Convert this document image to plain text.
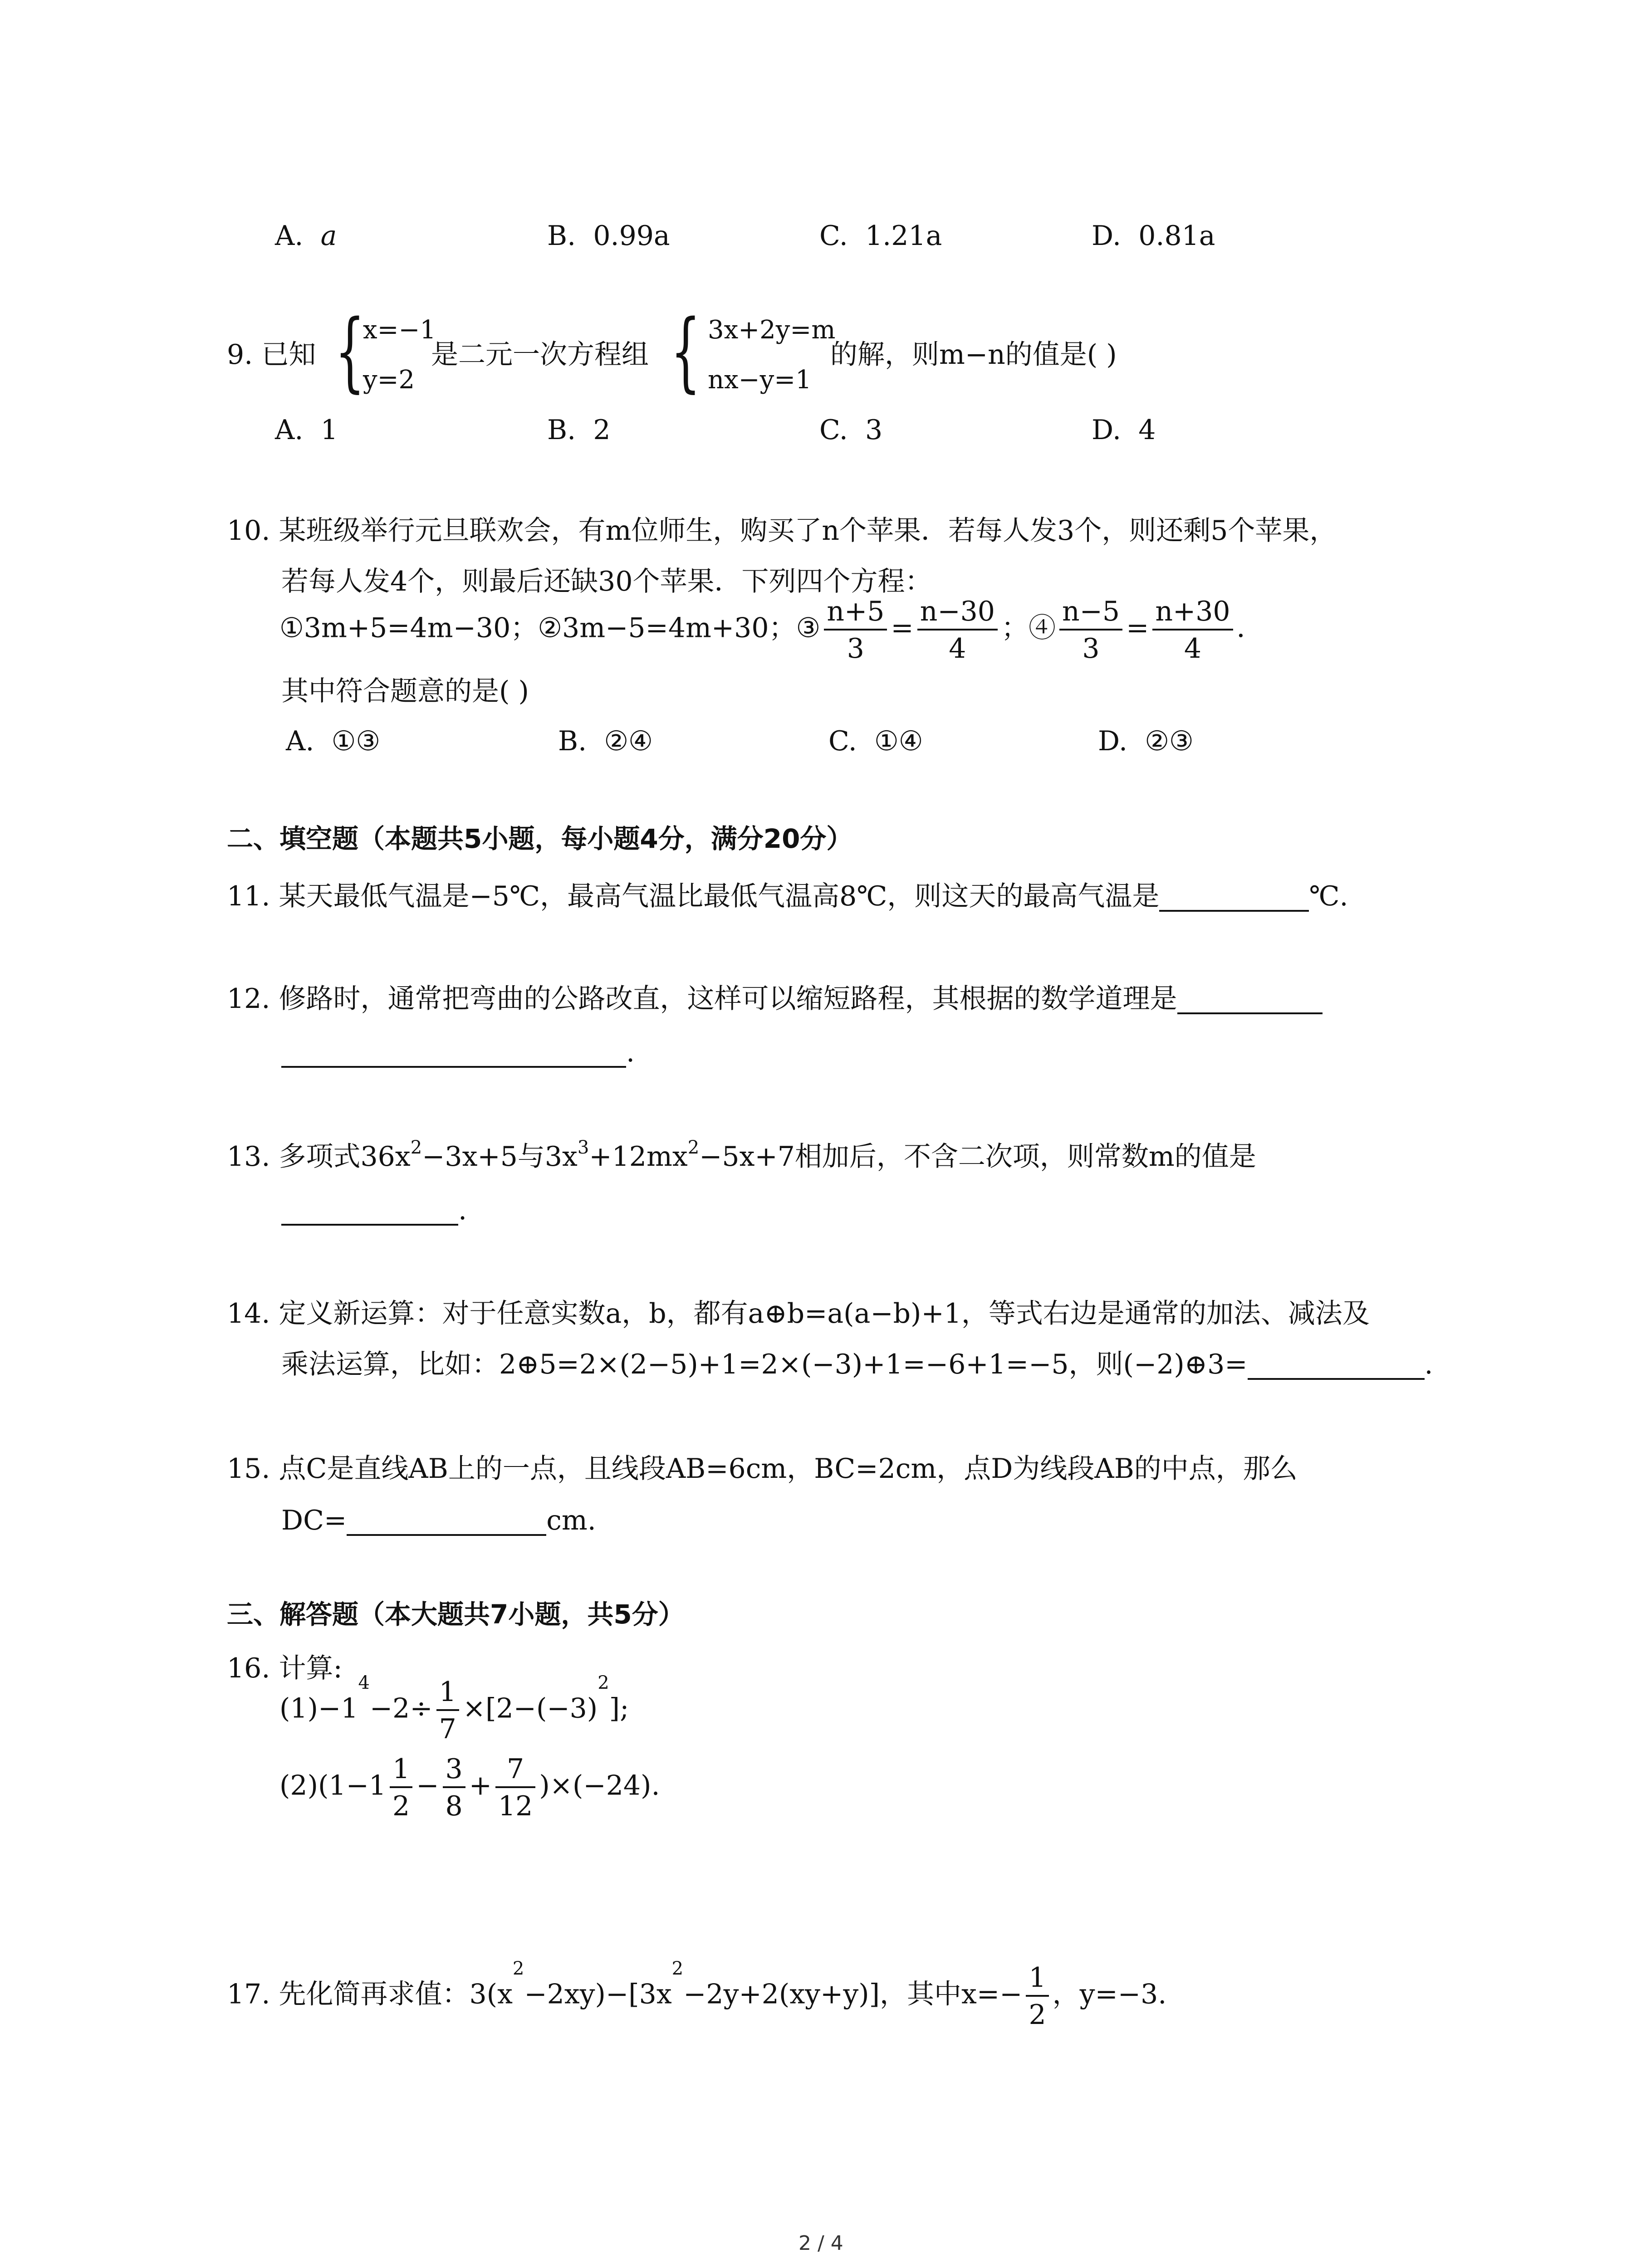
A. a	B. 0.99a	C. 1.21a	D. 0.81a
9. 已知 {
x=−1
y=2
是二元一次方程组 { 3x+2y=m
nx−y=1
的解，则m−n的值是( )
A. 1	B. 2	C. 3	D. 4
10. 某班级举行元旦联欢会，有m位师生，购买了n个苹果．若每人发3个，则还剩5个苹果，
若每人发4个，则最后还缺30个苹果．下列四个方程：
①3m+5=4m−30；②3m−5=4m+30；③ $\frac{n+5}{3} = \frac{n-30}{4}$ ；④ $\frac{n-5}{3} = \frac{n+30}{4}$ ．
其中符合题意的是( )
A. ①③	B. ②④	C. ①④	D. ②③
二、填空题（本题共5小题，每小题4分，满分20分）
11. 某天最低气温是−5℃，最高气温比最低气温高8℃，则这天的最高气温是	℃.
12. 修路时，通常把弯曲的公路改直，这样可以缩短路程，其根据的数学道理是
.
13. 多项式$36x^2-3x+5$与$3x^3+12mx^2-5x+7$相加后，不含二次项，则常数m的值是
.
14. 定义新运算：对于任意实数a，b，都有a⊕b=a(a−b)+1，等式右边是通常的加法、减法及
乘法运算，比如：2⊕5=2×(2−5)+1=2×(−3)+1=−6+1=−5，则(−2)⊕3=	.
15. 点C是直线AB上的一点，且线段AB=6cm，BC=2cm，点D为线段AB的中点，那么
DC=	cm.
三、解答题（本大题共7小题，共5分）
16. 计算:
$(1)-1^4-2\div \frac{1}{7} \times[2-(-3)^2]$;
$(2)(1-1 \frac{1}{2} - \frac{3}{8} + \frac{7}{12} )\times(-24)$.
17. 先化简再求值：$3(x^2-2xy)-[3x^2-2y+2(xy+y)]$，其中$x=- \frac{1}{2}$ ，y=−3.
2 / 4
